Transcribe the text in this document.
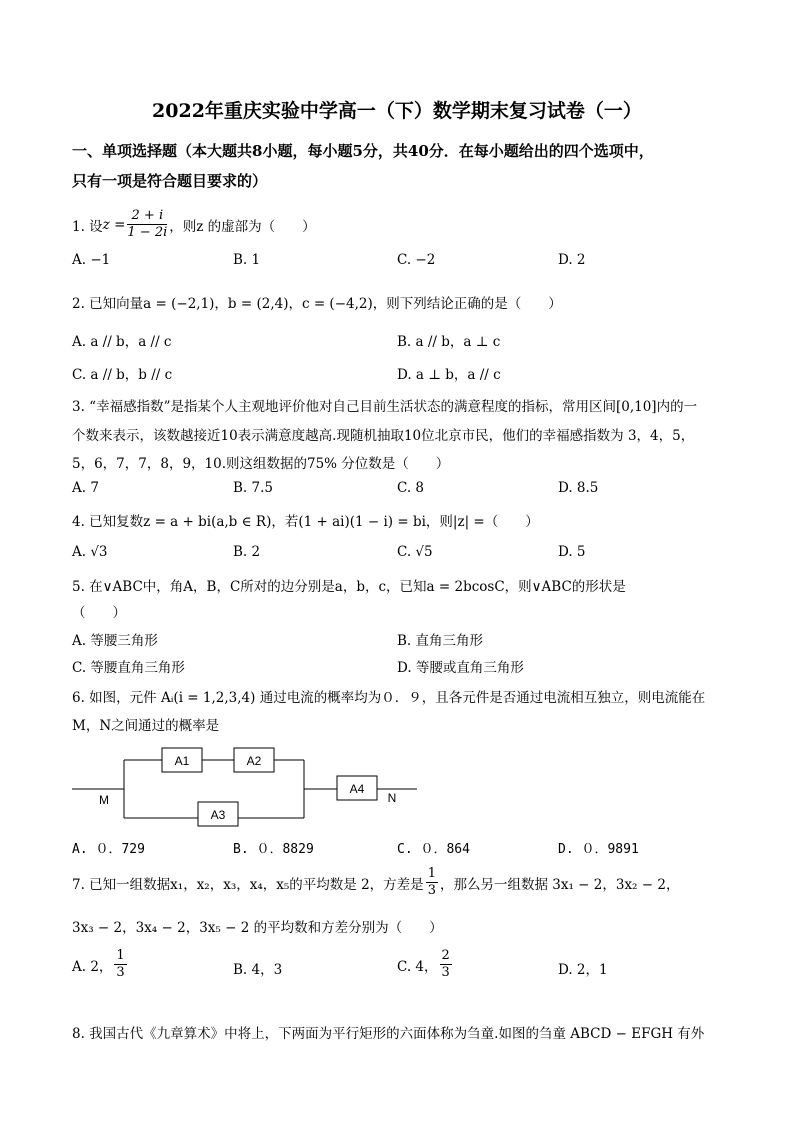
2022年重庆实验中学高一（下）数学期末复习试卷（一）
一、单项选择题（本大题共8小题，每小题5分，共40分．在每小题给出的四个选项中，
只有一项是符合题目要求的）
1. 设 $z = \frac{2 + i}{1 - 2i}$ ，则z 的虚部为（　　）
A. −1	B. 1	C. −2	D. 2
2. 已知向量a = (−2,1)，b = (2,4)，c = (−4,2)，则下列结论正确的是（　　）
A. a // b，a // c	B. a // b，a ⊥ c
C. a // b，b // c	D. a ⊥ b，a // c
3. “幸福感指数”是指某个人主观地评价他对自己目前生活状态的满意程度的指标，常用区间[0,10]内的一
个数来表示，该数越接近10表示满意度越高.现随机抽取10位北京市民，他们的幸福感指数为 3，4，5，
5，6，7，7，8，9，10.则这组数据的75% 分位数是（　　）
A. 7	B. 7.5	C. 8	D. 8.5
4. 已知复数z = a + bi(a,b ∈ R)，若(1 + ai)(1 − i) = bi，则|z| =（　　）
A. √3	B. 2	C. √5	D. 5
5. 在∨ABC中，角A，B，C所对的边分别是a，b，c，已知a = 2bcosC，则∨ABC的形状是
（　　）
A. 等腰三角形	B. 直角三角形
C. 等腰直角三角形	D. 等腰或直角三角形
6. 如图，元件 Aᵢ(i = 1,2,3,4) 通过电流的概率均为０．９，且各元件是否通过电流相互独立，则电流能在
M，N之间通过的概率是
A1	A2
A3
A4
M	N
A. ０．729	B. ０．8829	C. ０．864	D. ０．9891
7. 已知一组数据x₁，x₂，x₃，x₄，x₅的平均数是 2，方差是 $\frac{1}{3}$ ，那么另一组数据 3x₁ − 2，3x₂ − 2，
3x₃ − 2，3x₄ − 2，3x₅ − 2 的平均数和方差分别为（　　）
A. 2， $\frac{1}{3}$	B. 4，3	C. 4， $\frac{2}{3}$	D. 2，1
8. 我国古代《九章算术》中将上，下两面为平行矩形的六面体称为刍童.如图的刍童 ABCD − EFGH 有外
